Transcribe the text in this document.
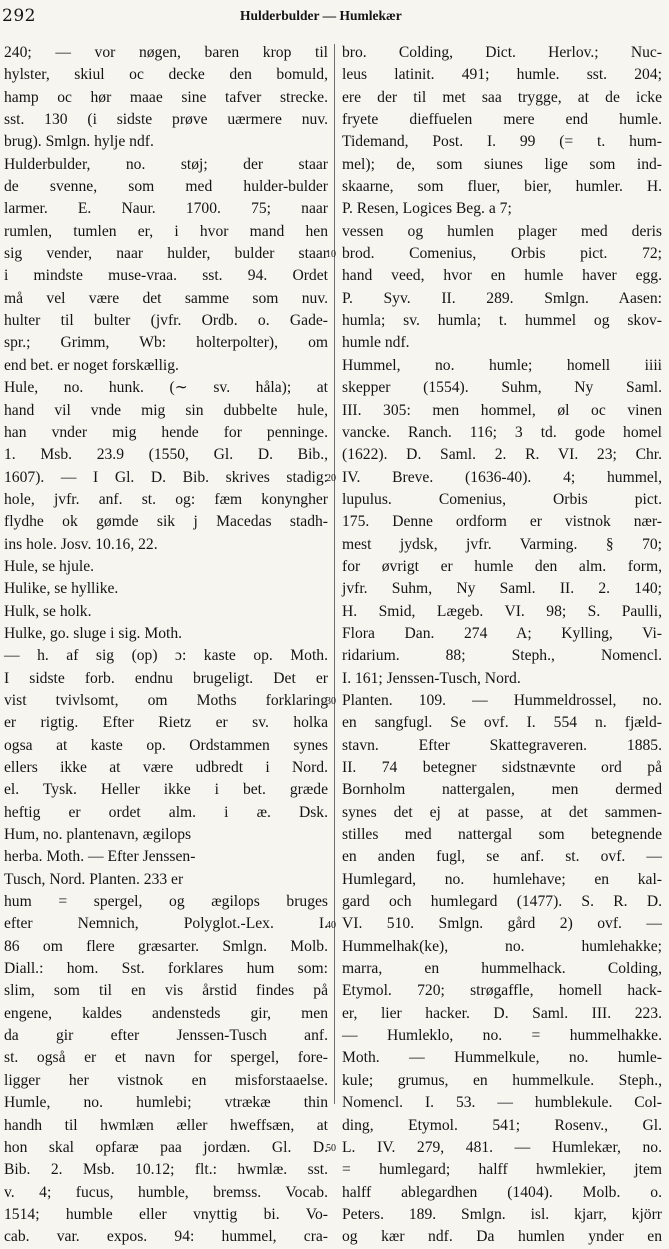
292	Hulderbulder — Humlekær
240; — vor nøgen, baren krop til
hylster, skiul oc decke den bomuld,
hamp oc hør maae sine tafver strecke.
sst. 130 (i sidste prøve uærmere nuv.
brug). Smlgn. hylje ndf.
Hulderbulder, no. støj; der staar
de svenne, som med hulder-bulder
larmer. E. Naur. 1700. 75; naar
rumlen, tumlen er, i hvor mand hen
sig vender, naar hulder, bulder staar
i mindste muse-vraa. sst. 94. Ordet
må vel være det samme som nuv.
hulter til bulter (jvfr. Ordb. o. Gade-
spr.; Grimm, Wb: holterpolter), om
end bet. er noget forskællig.
Hule, no. hunk. (∼ sv. håla); at
hand vil vnde mig sin dubbelte hule,
han vnder mig hende for penninge.
1. Msb. 23.9 (1550, Gl. D. Bib.,
1607). — I Gl. D. Bib. skrives stadig:
hole, jvfr. anf. st. og: fæm konyngher
flydhe ok gømde sik j Macedas stadh-
ins hole. Josv. 10.16, 22.
Hule, se hjule.
Hulike, se hyllike.
Hulk, se holk.
Hulke, go. sluge i sig. Moth.
— h. af sig (op) ɔ: kaste op. Moth.
I sidste forb. endnu brugeligt. Det er
vist tvivlsomt, om Moths forklaring
er rigtig. Efter Rietz er sv. holka
ogsa at kaste op. Ordstammen synes
ellers ikke at være udbredt i Nord.
el. Tysk. Heller ikke i bet. græde
heftig er ordet alm. i æ. Dsk.
Hum, no. plantenavn, ægilops
herba. Moth. — Efter Jenssen-
Tusch, Nord. Planten. 233 er
hum = spergel, og ægilops bruges
efter Nemnich, Polyglot.-Lex. I.
86 om flere græsarter. Smlgn. Molb.
Diall.: hom. Sst. forklares hum som:
slim, som til en vis årstid findes på
engene, kaldes andensteds gir, men
da gir efter Jenssen-Tusch anf.
st. også er et navn for spergel, fore-
ligger her vistnok en misforstaaelse.
Humle, no. humlebi; vtrækæ thin
handh til hwmlæn æller hweffsæn, at
hon skal opfaræ paa jordæn. Gl. D.
Bib. 2. Msb. 10.12; flt.: hwmlæ. sst.
v. 4; fucus, humble, bremss. Vocab.
1514; humble eller vnyttig bi. Vo-
cab. var. expos. 94: hummel, cra-
bro. Colding, Dict. Herlov.; Nuc-
leus latinit. 491; humle. sst. 204;
ere der til met saa trygge, at de icke
fryete dieffuelen mere end humle.
Tidemand, Post. I. 99 (= t. hum-
mel); de, som siunes lige som ind-
skaarne, som fluer, bier, humler. H.
P. Resen, Logices Beg. a 7;
vessen og humlen plager med deris
brod. Comenius, Orbis pict. 72;
hand veed, hvor en humle haver egg.
P. Syv. II. 289. Smlgn. Aasen:
humla; sv. humla; t. hummel og skov-
humle ndf.
Hummel, no. humle; homell iiii
skepper (1554). Suhm, Ny Saml.
III. 305: men hommel, øl oc vinen
vancke. Ranch. 116; 3 td. gode homel
(1622). D. Saml. 2. R. VI. 23; Chr.
IV. Breve. (1636-40). 4; hummel,
lupulus. Comenius, Orbis pict.
175. Denne ordform er vistnok nær-
mest jydsk, jvfr. Varming. § 70;
for øvrigt er humle den alm. form,
jvfr. Suhm, Ny Saml. II. 2. 140;
H. Smid, Lægeb. VI. 98; S. Paulli,
Flora Dan. 274 A; Kylling, Vi-
ridarium. 88; Steph., Nomencl.
I. 161; Jenssen-Tusch, Nord.
Planten. 109. — Hummeldrossel, no.
en sangfugl. Se ovf. I. 554 n. fjæld-
stavn. Efter Skattegraveren. 1885.
II. 74 betegner sidstnævnte ord på
Bornholm nattergalen, men dermed
synes det ej at passe, at det sammen-
stilles med nattergal som betegnende
en anden fugl, se anf. st. ovf. —
Humlegard, no. humlehave; en kal-
gard och humlegard (1477). S. R. D.
VI. 510. Smlgn. gård 2) ovf. —
Hummelhak(ke), no. humlehakke;
marra, en hummelhack. Colding,
Etymol. 720; strøgaffle, homell hack-
er, lier hacker. D. Saml. III. 223.
— Humleklo, no. = hummelhakke.
Moth. — Hummelkule, no. humle-
kule; grumus, en hummelkule. Steph.,
Nomencl. I. 53. — humblekule. Col-
ding, Etymol. 541; Rosenv., Gl.
L. IV. 279, 481. — Humlekær, no.
= humlegard; halff hwmlekier, jtem
halff ablegardhen (1404). Molb. o.
Peters. 189. Smlgn. isl. kjarr, kjörr
og kær ndf. Da humlen ynder en
10
20
30
40
50
